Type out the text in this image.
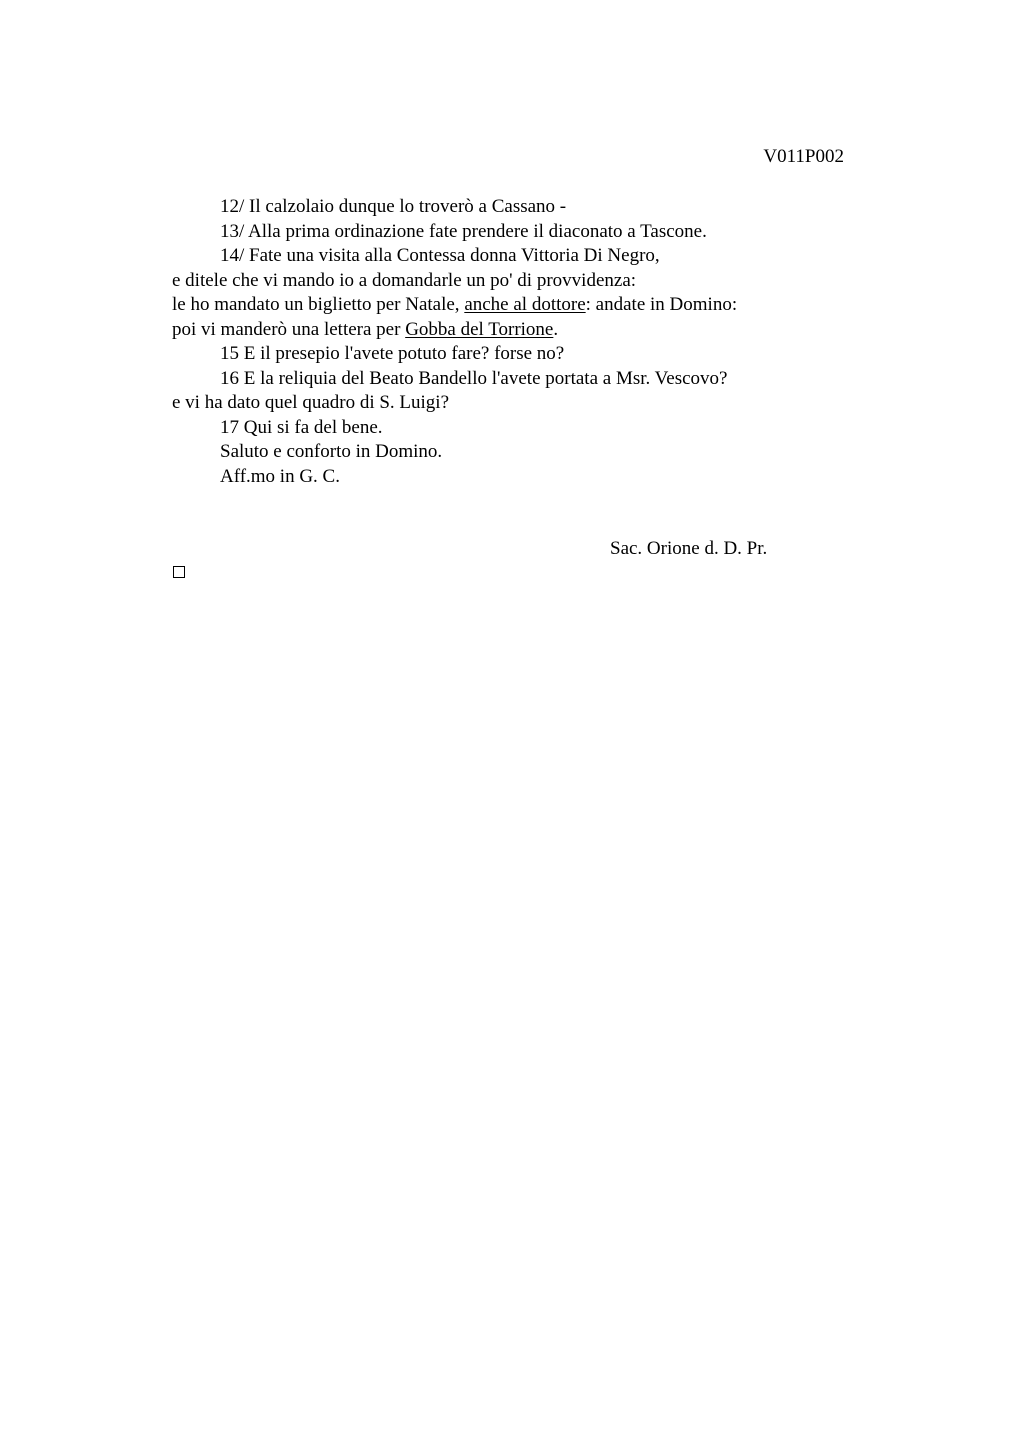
V011P002
12/ Il calzolaio dunque lo troverò a Cassano -
13/ Alla prima ordinazione fate prendere il diaconato a Tascone.
14/ Fate una visita alla Contessa donna Vittoria Di Negro,
e ditele che vi mando io a domandarle un po' di provvidenza:
le ho mandato un biglietto per Natale, anche al dottore: andate in Domino:
poi vi manderò una lettera per Gobba del Torrione.
15 E il presepio l'avete potuto fare? forse no?
16 E la reliquia del Beato Bandello l'avete portata a Msr. Vescovo?
e vi ha dato quel quadro di S. Luigi?
17 Qui si fa del bene.
Saluto e conforto in Domino.
Aff.mo in G. C.
Sac. Orione d. D. Pr.
